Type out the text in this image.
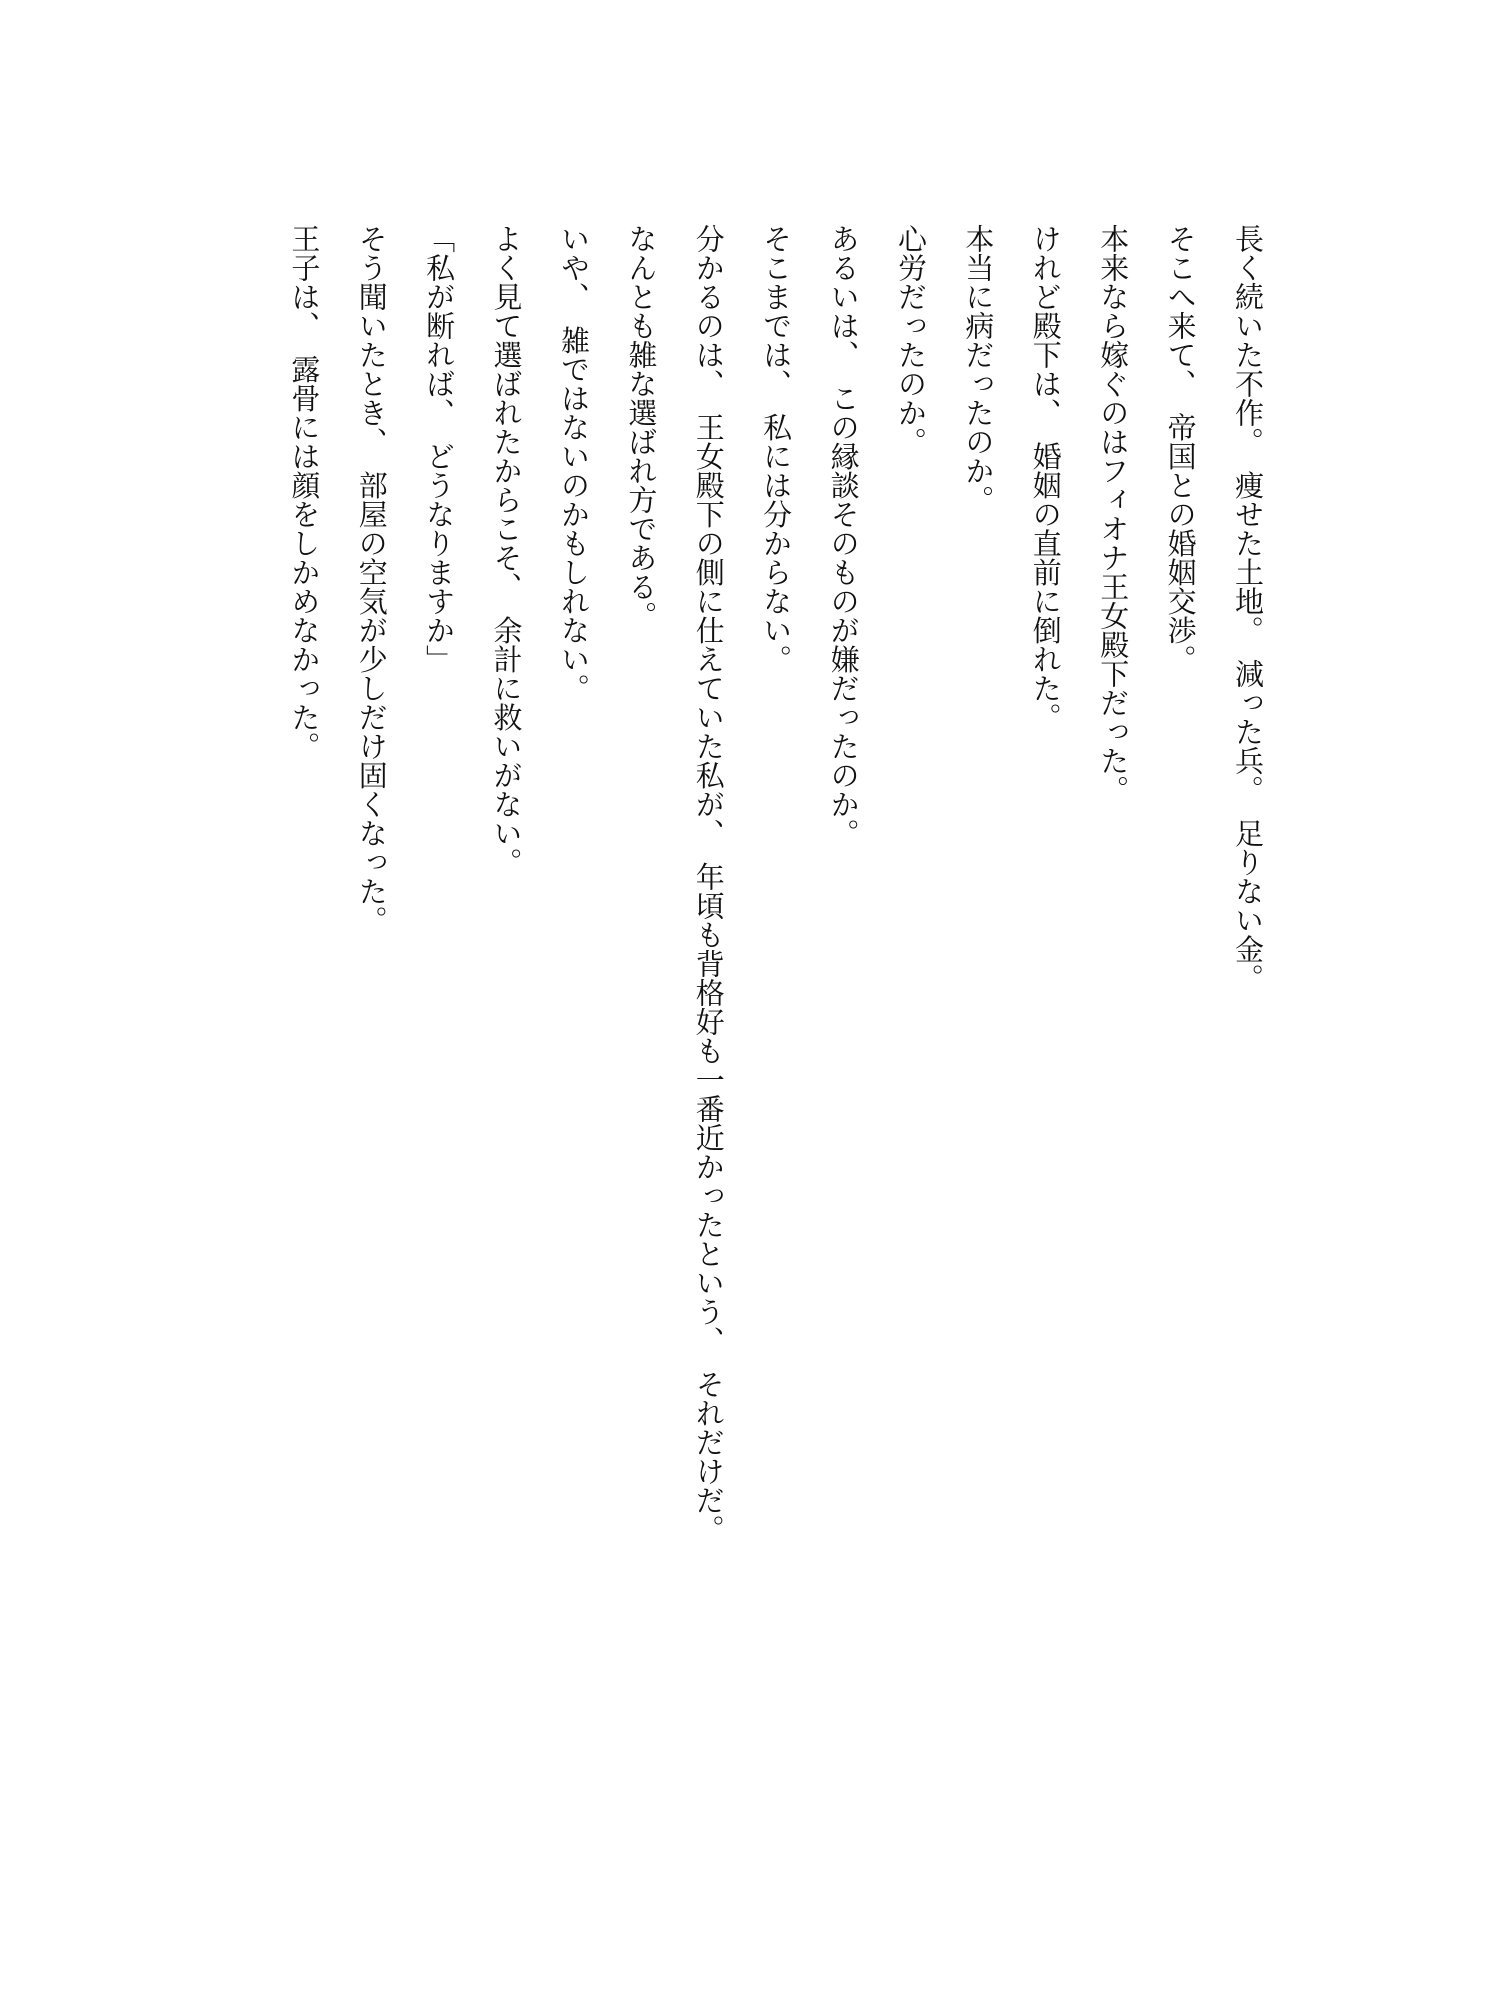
長く続いた不作。　痩せた土地。　減った兵。　足りない金。
そこへ来て、　帝国との婚姻交渉。
本来なら嫁ぐのはフィオナ王女殿下だった。
けれど殿下は、　婚姻の直前に倒れた。
本当に病だったのか。
心労だったのか。
あるいは、　この縁談そのものが嫌だったのか。
そこまでは、　私には分からない。
分かるのは、　王女殿下の側に仕えていた私が、　年頃も背格好も一番近かったという、　それだけだ。
なんとも雑な選ばれ方である。
いや、　雑ではないのかもしれない。
よく見て選ばれたからこそ、　余計に救いがない。
「私が断れば、　どうなりますか」
そう聞いたとき、　部屋の空気が少しだけ固くなった。
王子は、　露骨には顔をしかめなかった。
